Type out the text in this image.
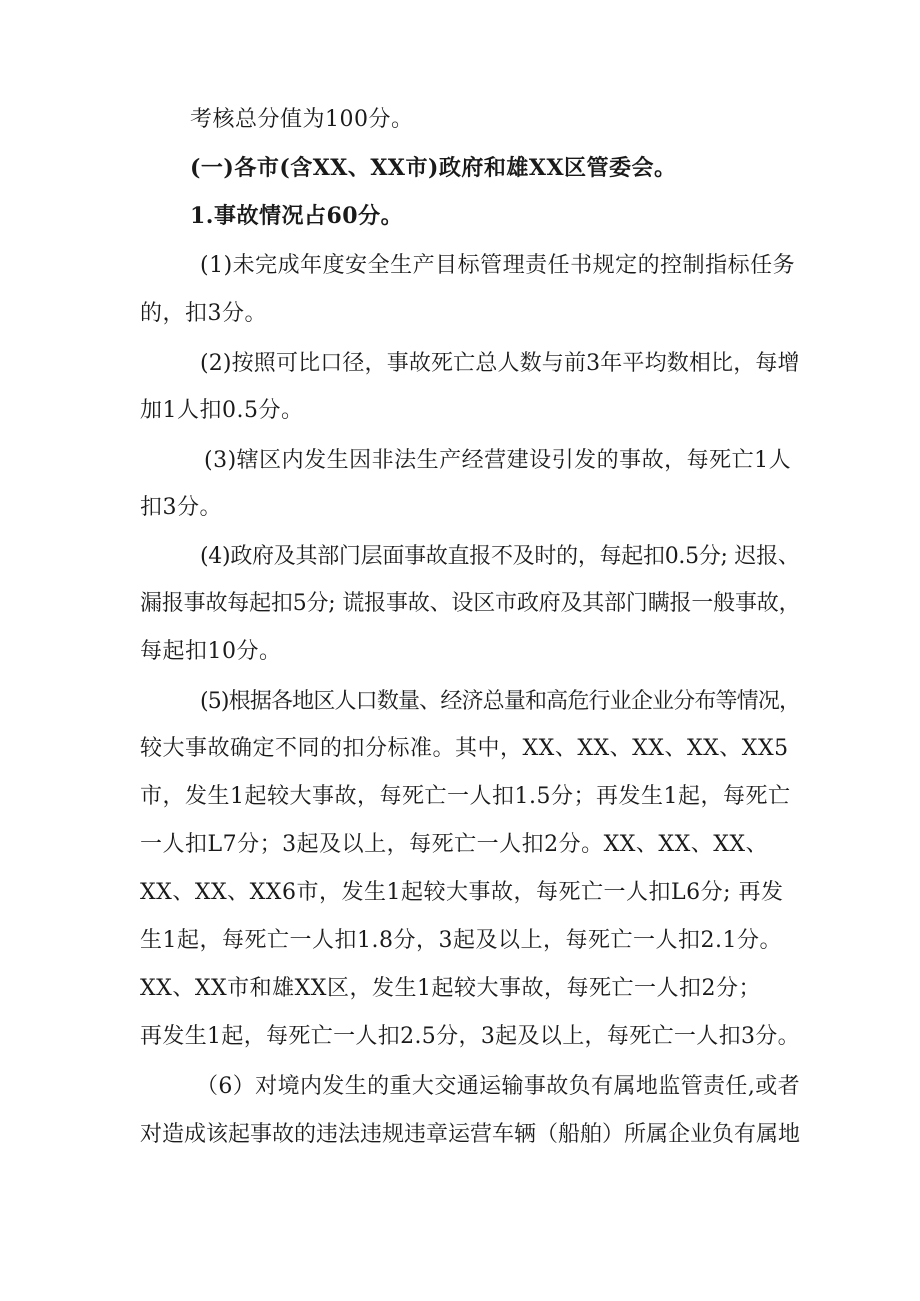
考核总分值为100分。
(一)各市(含XX、XX市)政府和雄XX区管委会。
1.事故情况占60分。
(1)未完成年度安全生产目标管理责任书规定的控制指标任务
的，扣3分。
(2)按照可比口径，事故死亡总人数与前3年平均数相比，每增
加1人扣0.5分。
(3)辖区内发生因非法生产经营建设引发的事故，每死亡1人
扣3分。
(4)政府及其部门层面事故直报不及时的，每起扣0.5分; 迟报、
漏报事故每起扣5分; 谎报事故、设区市政府及其部门瞒报一般事故，
每起扣10分。
(5)根据各地区人口数量、经济总量和高危行业企业分布等情况，
较大事故确定不同的扣分标准。其中，XX、XX、XX、XX、XX5
市，发生1起较大事故，每死亡一人扣1.5分；再发生1起，每死亡
一人扣L7分；3起及以上，每死亡一人扣2分。XX、XX、XX、
XX、XX、XX6市，发生1起较大事故，每死亡一人扣L6分; 再发
生1起，每死亡一人扣1.8分，3起及以上，每死亡一人扣2.1分。
XX、XX市和雄XX区，发生1起较大事故，每死亡一人扣2分；
再发生1起，每死亡一人扣2.5分，3起及以上，每死亡一人扣3分。
（6）对境内发生的重大交通运输事故负有属地监管责任,或者
对造成该起事故的违法违规违章运营车辆（船舶）所属企业负有属地
